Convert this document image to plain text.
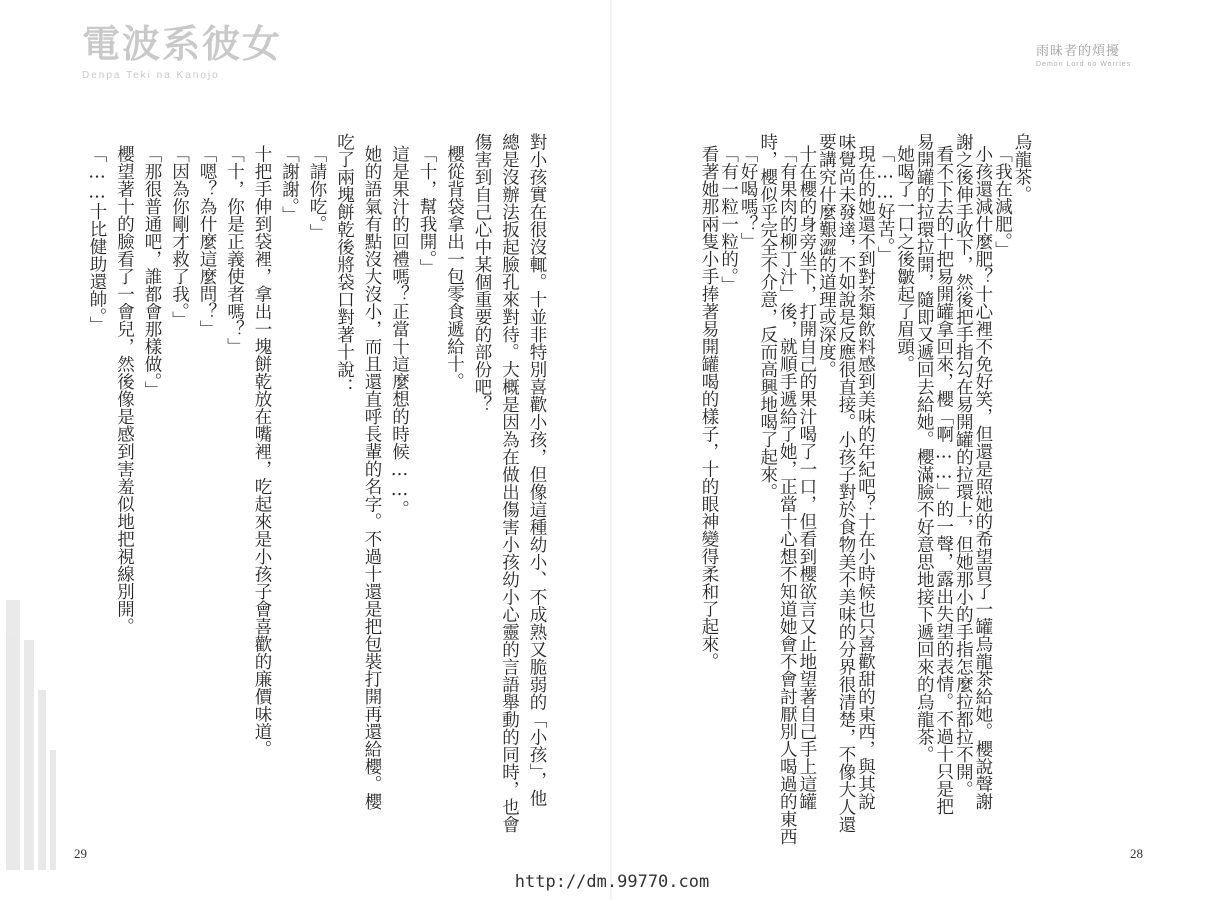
電波系彼女
Denpa Teki na Kanojo
雨昧者的煩擾
Demon Lord no Worries
烏龍茶。
「我在減肥。」
小孩還減什麼肥？十心裡不免好笑，但還是照她的希望買了一罐烏龍茶給她。櫻說聲謝
謝之後伸手收下，然後把手指勾在易開罐的拉環上，但她那小的手指怎麼拉都拉不開。
看不下去的十把易開罐拿回來，櫻「啊……」的一聲，露出失望的表情。不過十只是把
易開罐的拉環拉開，隨即又遞回去給她。櫻滿臉不好意思地接下遞回來的烏龍茶。
她喝了一口之後皺起了眉頭。
「……好苦。」
現在的她還不到對茶類飲料感到美味的年紀吧？十在小時候也只喜歡甜的東西，與其說
味覺尚未發達，不如說是反應很直接。小孩子對於食物美不美味的分界很清楚，不像大人還
要講究什麼艱澀的道理或深度。
十在櫻的身旁坐下，打開自己的果汁喝了一口，但看到櫻欲言又止地望著自己手上這罐
「有果肉的柳丁汁」後，就順手遞給了她，正當十心想不知道她會不會討厭別人喝過的東西
時，櫻似乎完全不介意，反而高興地喝了起來。
「好喝嗎？」
「有一粒一粒的。」
看著她那兩隻小手捧著易開罐喝的樣子，十的眼神變得柔和了起來。
對小孩實在很沒輒。十並非特別喜歡小孩，但像這種幼小、不成熟又脆弱的「小孩」，他
總是沒辦法扳起臉孔來對待。大概是因為在做出傷害小孩幼小心靈的言語舉動的同時，也會
傷害到自己心中某個重要的部份吧？
櫻從背袋拿出一包零食遞給十。
「十，幫我開。」
這是果汁的回禮嗎？正當十這麼想的時候……。
她的語氣有點沒大沒小，而且還直呼長輩的名字。不過十還是把包裝打開再還給櫻。櫻
吃了兩塊餅乾後將袋口對著十說：
「請你吃。」
「謝謝。」
十把手伸到袋裡，拿出一塊餅乾放在嘴裡，吃起來是小孩子會喜歡的廉價味道。
「十，你是正義使者嗎？」
「嗯？為什麼這麼問？」
「因為你剛才救了我。」
「那很普通吧，誰都會那樣做。」
28
29
http://dm.99770.com
櫻望著十的臉看了一會兒，然後像是感到害羞似地把視線別開。
「……十比健助還帥。」
